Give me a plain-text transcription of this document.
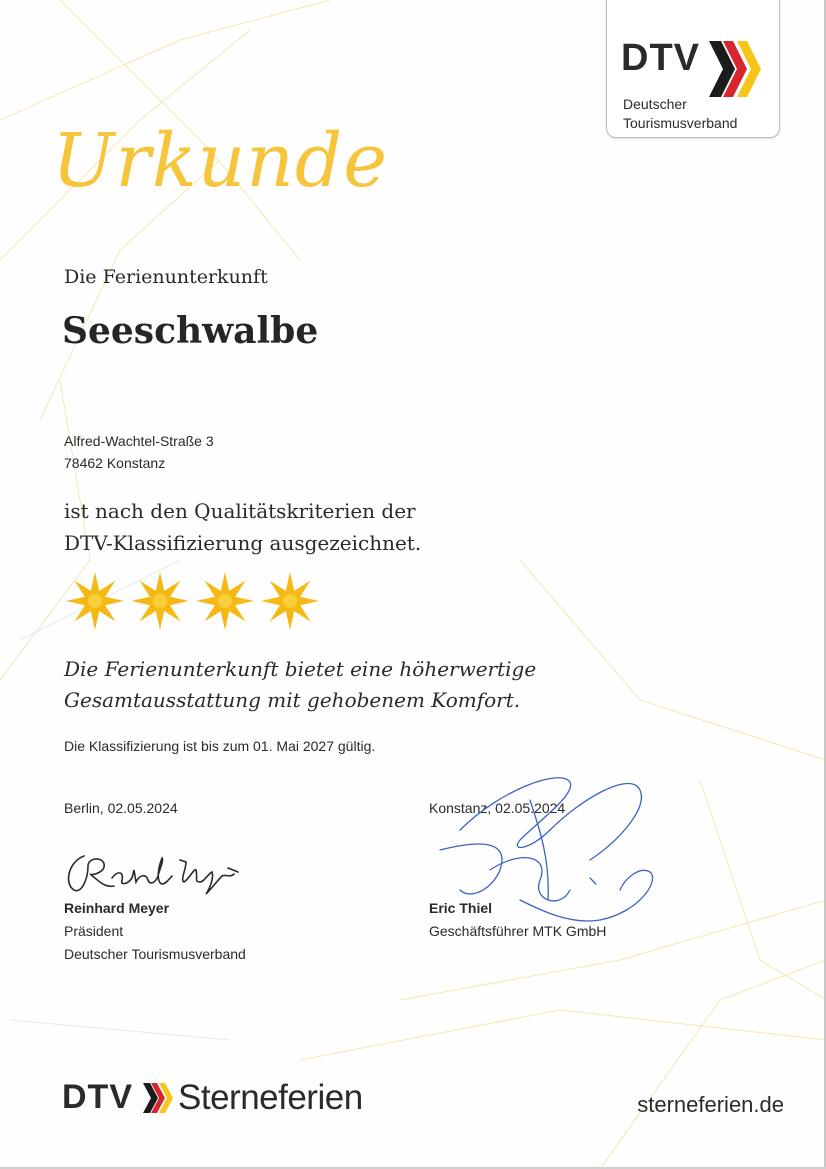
DTV
Deutscher
Tourismusverband
Urkunde
Die Ferienunterkunft
Seeschwalbe
Alfred-Wachtel-Straße 3
78462 Konstanz
ist nach den Qualitätskriterien der
DTV-Klassifizierung ausgezeichnet.
Die Ferienunterkunft bietet eine höherwertige
Gesamtausstattung mit gehobenem Komfort.
Die Klassifizierung ist bis zum 01. Mai 2027 gültig.
Berlin, 02.05.2024
Reinhard Meyer
Präsident
Deutscher Tourismusverband
Konstanz, 02.05.2024
Eric Thiel
Geschäftsführer MTK GmbH
DTV Sterneferien	sterneferien.de
